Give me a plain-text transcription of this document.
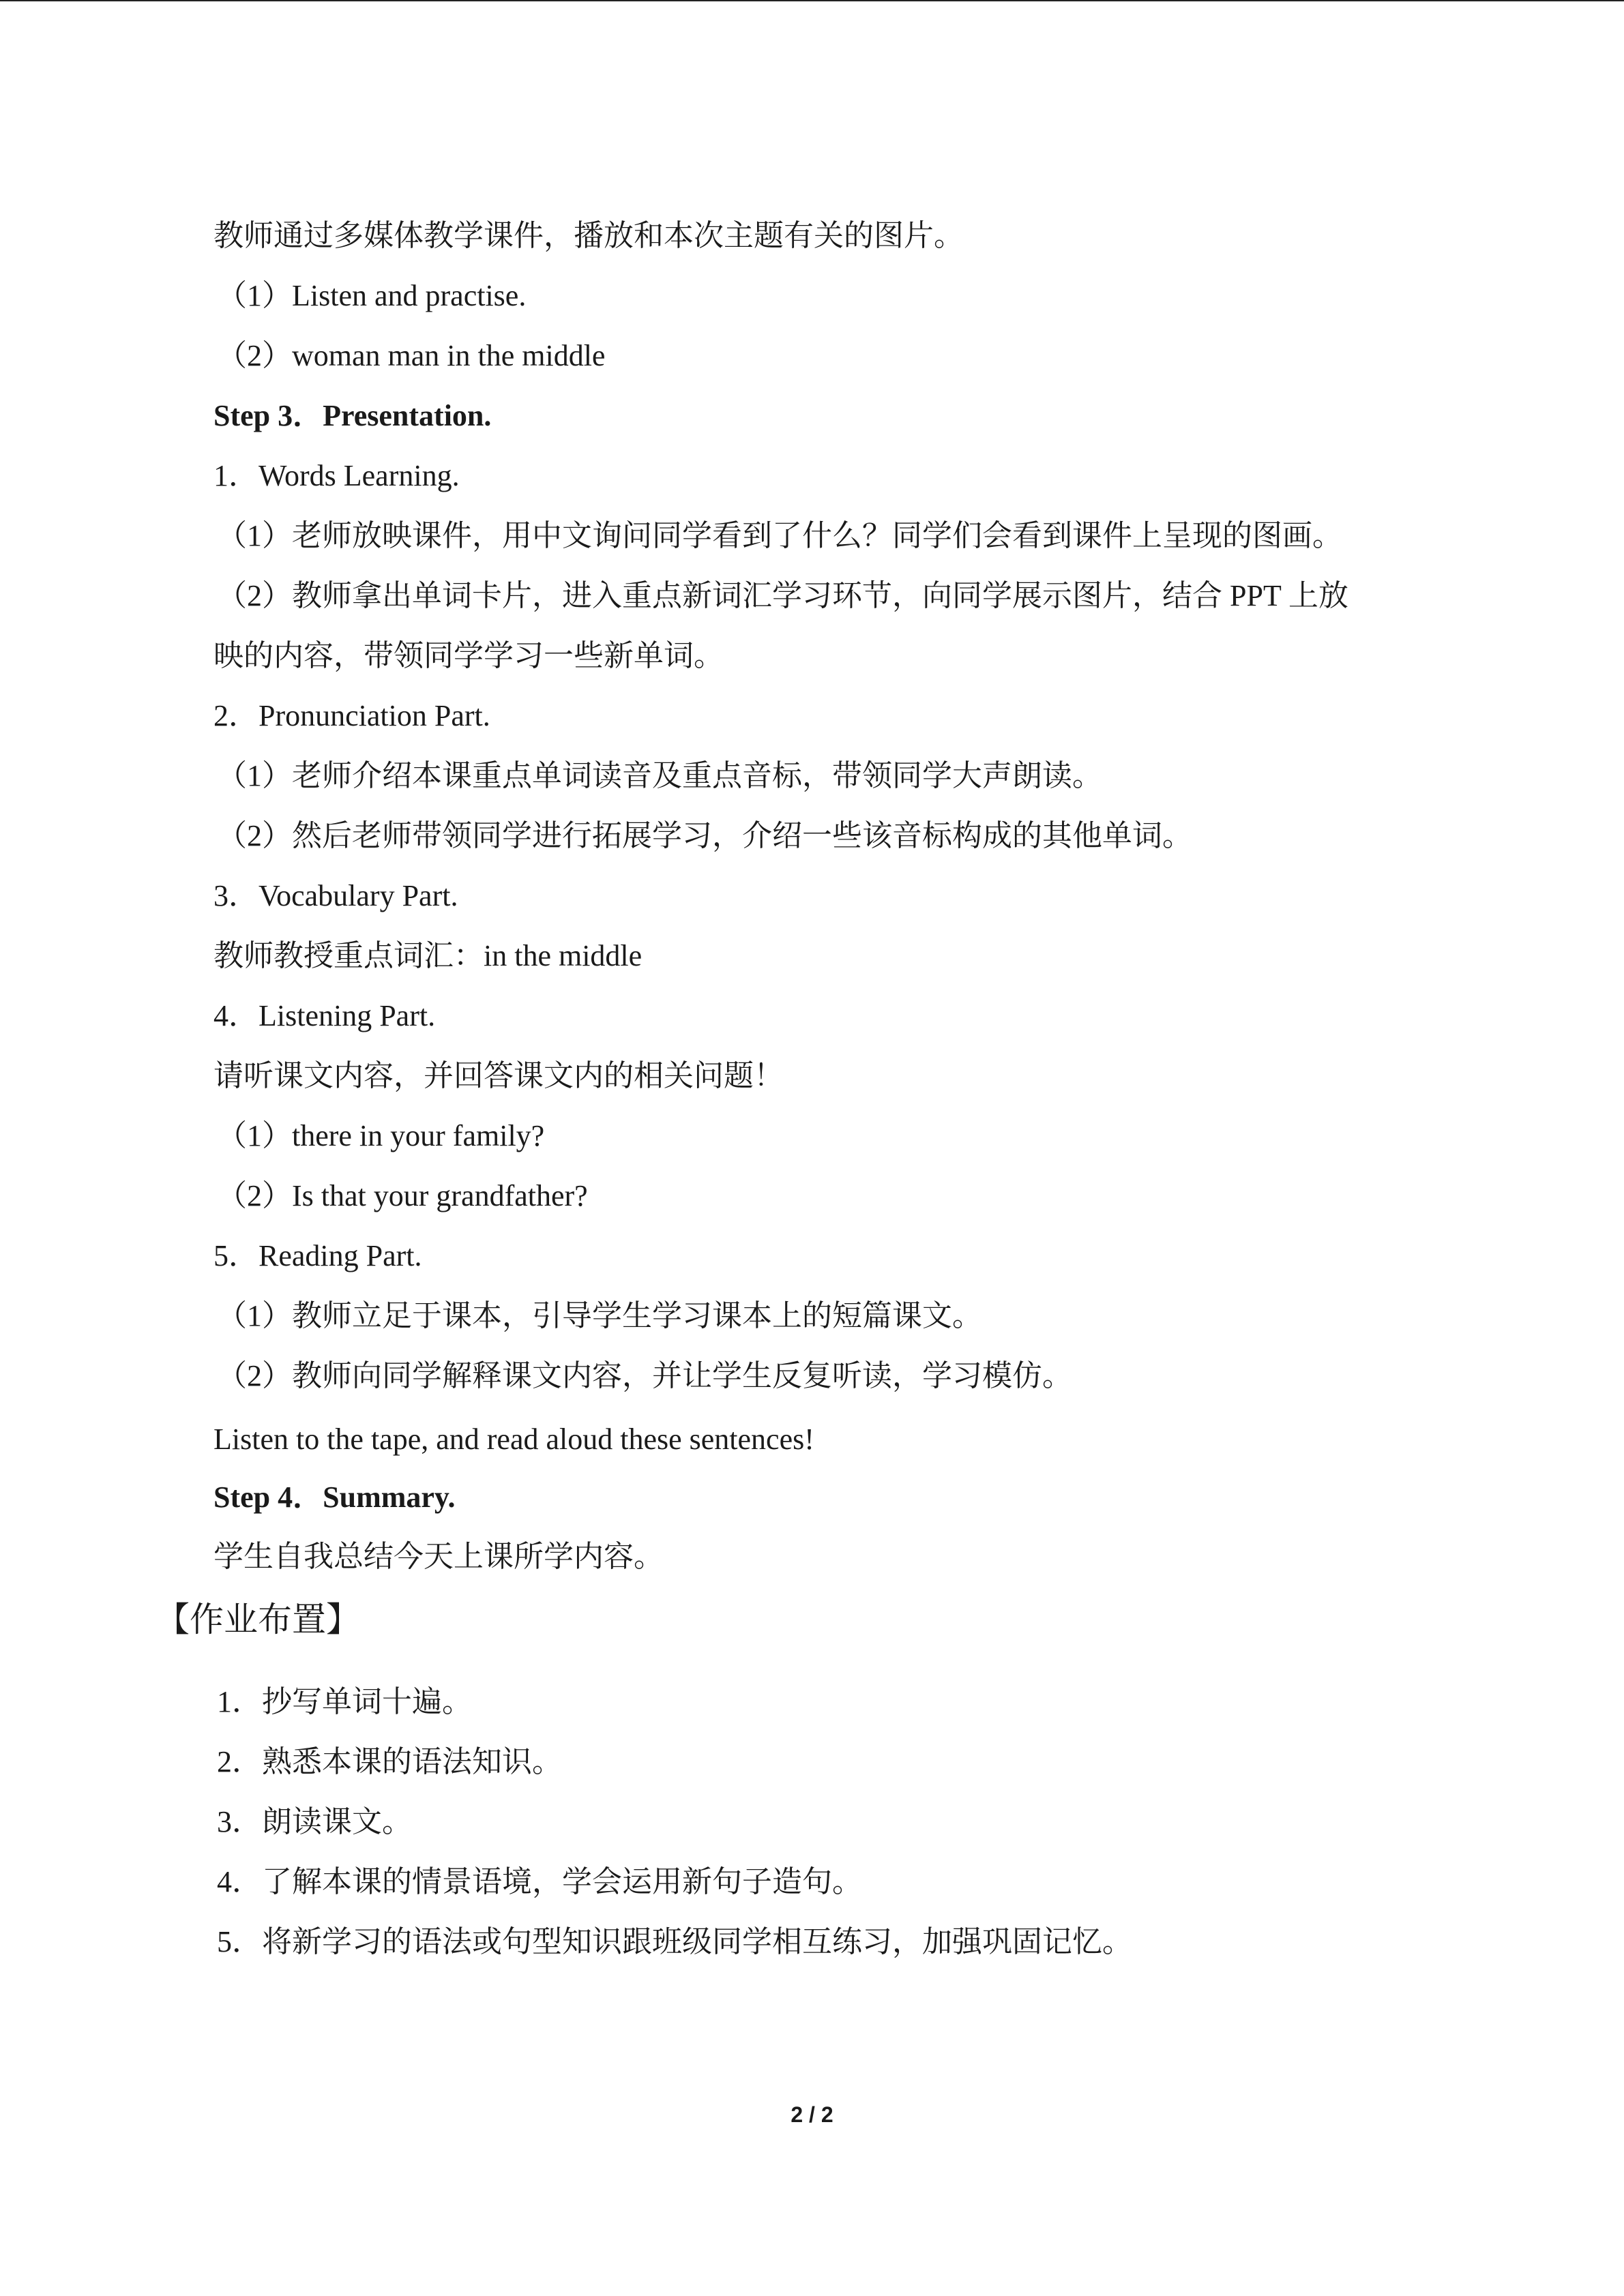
教师通过多媒体教学课件，播放和本次主题有关的图片。
（1）Listen and practise.
（2）woman man in the middle
Step 3．Presentation.
1．Words Learning.
（1）老师放映课件，用中文询问同学看到了什么？同学们会看到课件上呈现的图画。
（2）教师拿出单词卡片，进入重点新词汇学习环节，向同学展示图片，结合 PPT 上放
映的内容，带领同学学习一些新单词。
2．Pronunciation Part.
（1）老师介绍本课重点单词读音及重点音标，带领同学大声朗读。
（2）然后老师带领同学进行拓展学习，介绍一些该音标构成的其他单词。
3．Vocabulary Part.
教师教授重点词汇：in the middle
4．Listening Part.
请听课文内容，并回答课文内的相关问题！
（1）there in your family?
（2）Is that your grandfather?
5．Reading Part.
（1）教师立足于课本，引导学生学习课本上的短篇课文。
（2）教师向同学解释课文内容，并让学生反复听读，学习模仿。
Listen to the tape, and read aloud these sentences!
Step 4．Summary.
学生自我总结今天上课所学内容。
【作业布置】
1．抄写单词十遍。
2．熟悉本课的语法知识。
3．朗读课文。
4．了解本课的情景语境，学会运用新句子造句。
5．将新学习的语法或句型知识跟班级同学相互练习，加强巩固记忆。
2 / 2
